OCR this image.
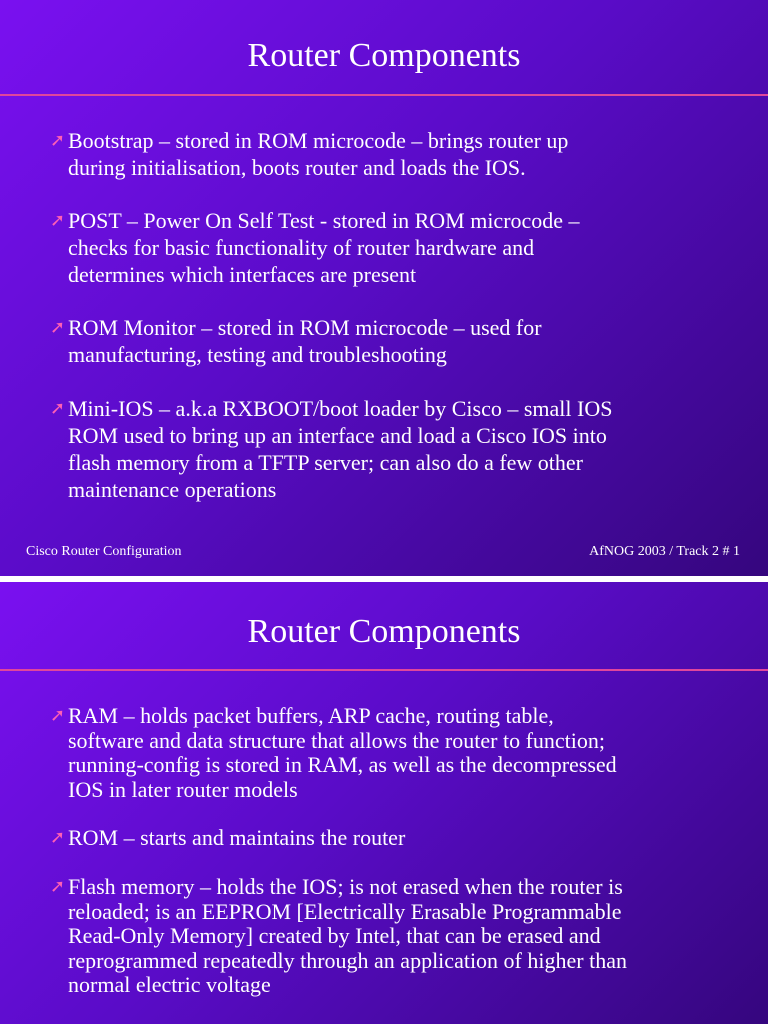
Router Components
➚ Bootstrap – stored in ROM microcode – brings router up
during initialisation, boots router and loads the IOS.
➚ POST – Power On Self Test - stored in ROM microcode –
checks for basic functionality of router hardware and
determines which interfaces are present
➚ ROM Monitor – stored in ROM microcode – used for
manufacturing, testing and troubleshooting
➚ Mini-IOS – a.k.a RXBOOT/boot loader by Cisco – small IOS
ROM used to bring up an interface and load a Cisco IOS into
flash memory from a TFTP server; can also do a few other
maintenance operations
Cisco Router Configuration	AfNOG 2003 / Track 2 # 1
Router Components
➚ RAM – holds packet buffers, ARP cache, routing table,
software and data structure that allows the router to function;
running-config is stored in RAM, as well as the decompressed
IOS in later router models
➚ ROM – starts and maintains the router
➚ Flash memory – holds the IOS; is not erased when the router is
reloaded; is an EEPROM [Electrically Erasable Programmable
Read-Only Memory] created by Intel, that can be erased and
reprogrammed repeatedly through an application of higher than
normal electric voltage
